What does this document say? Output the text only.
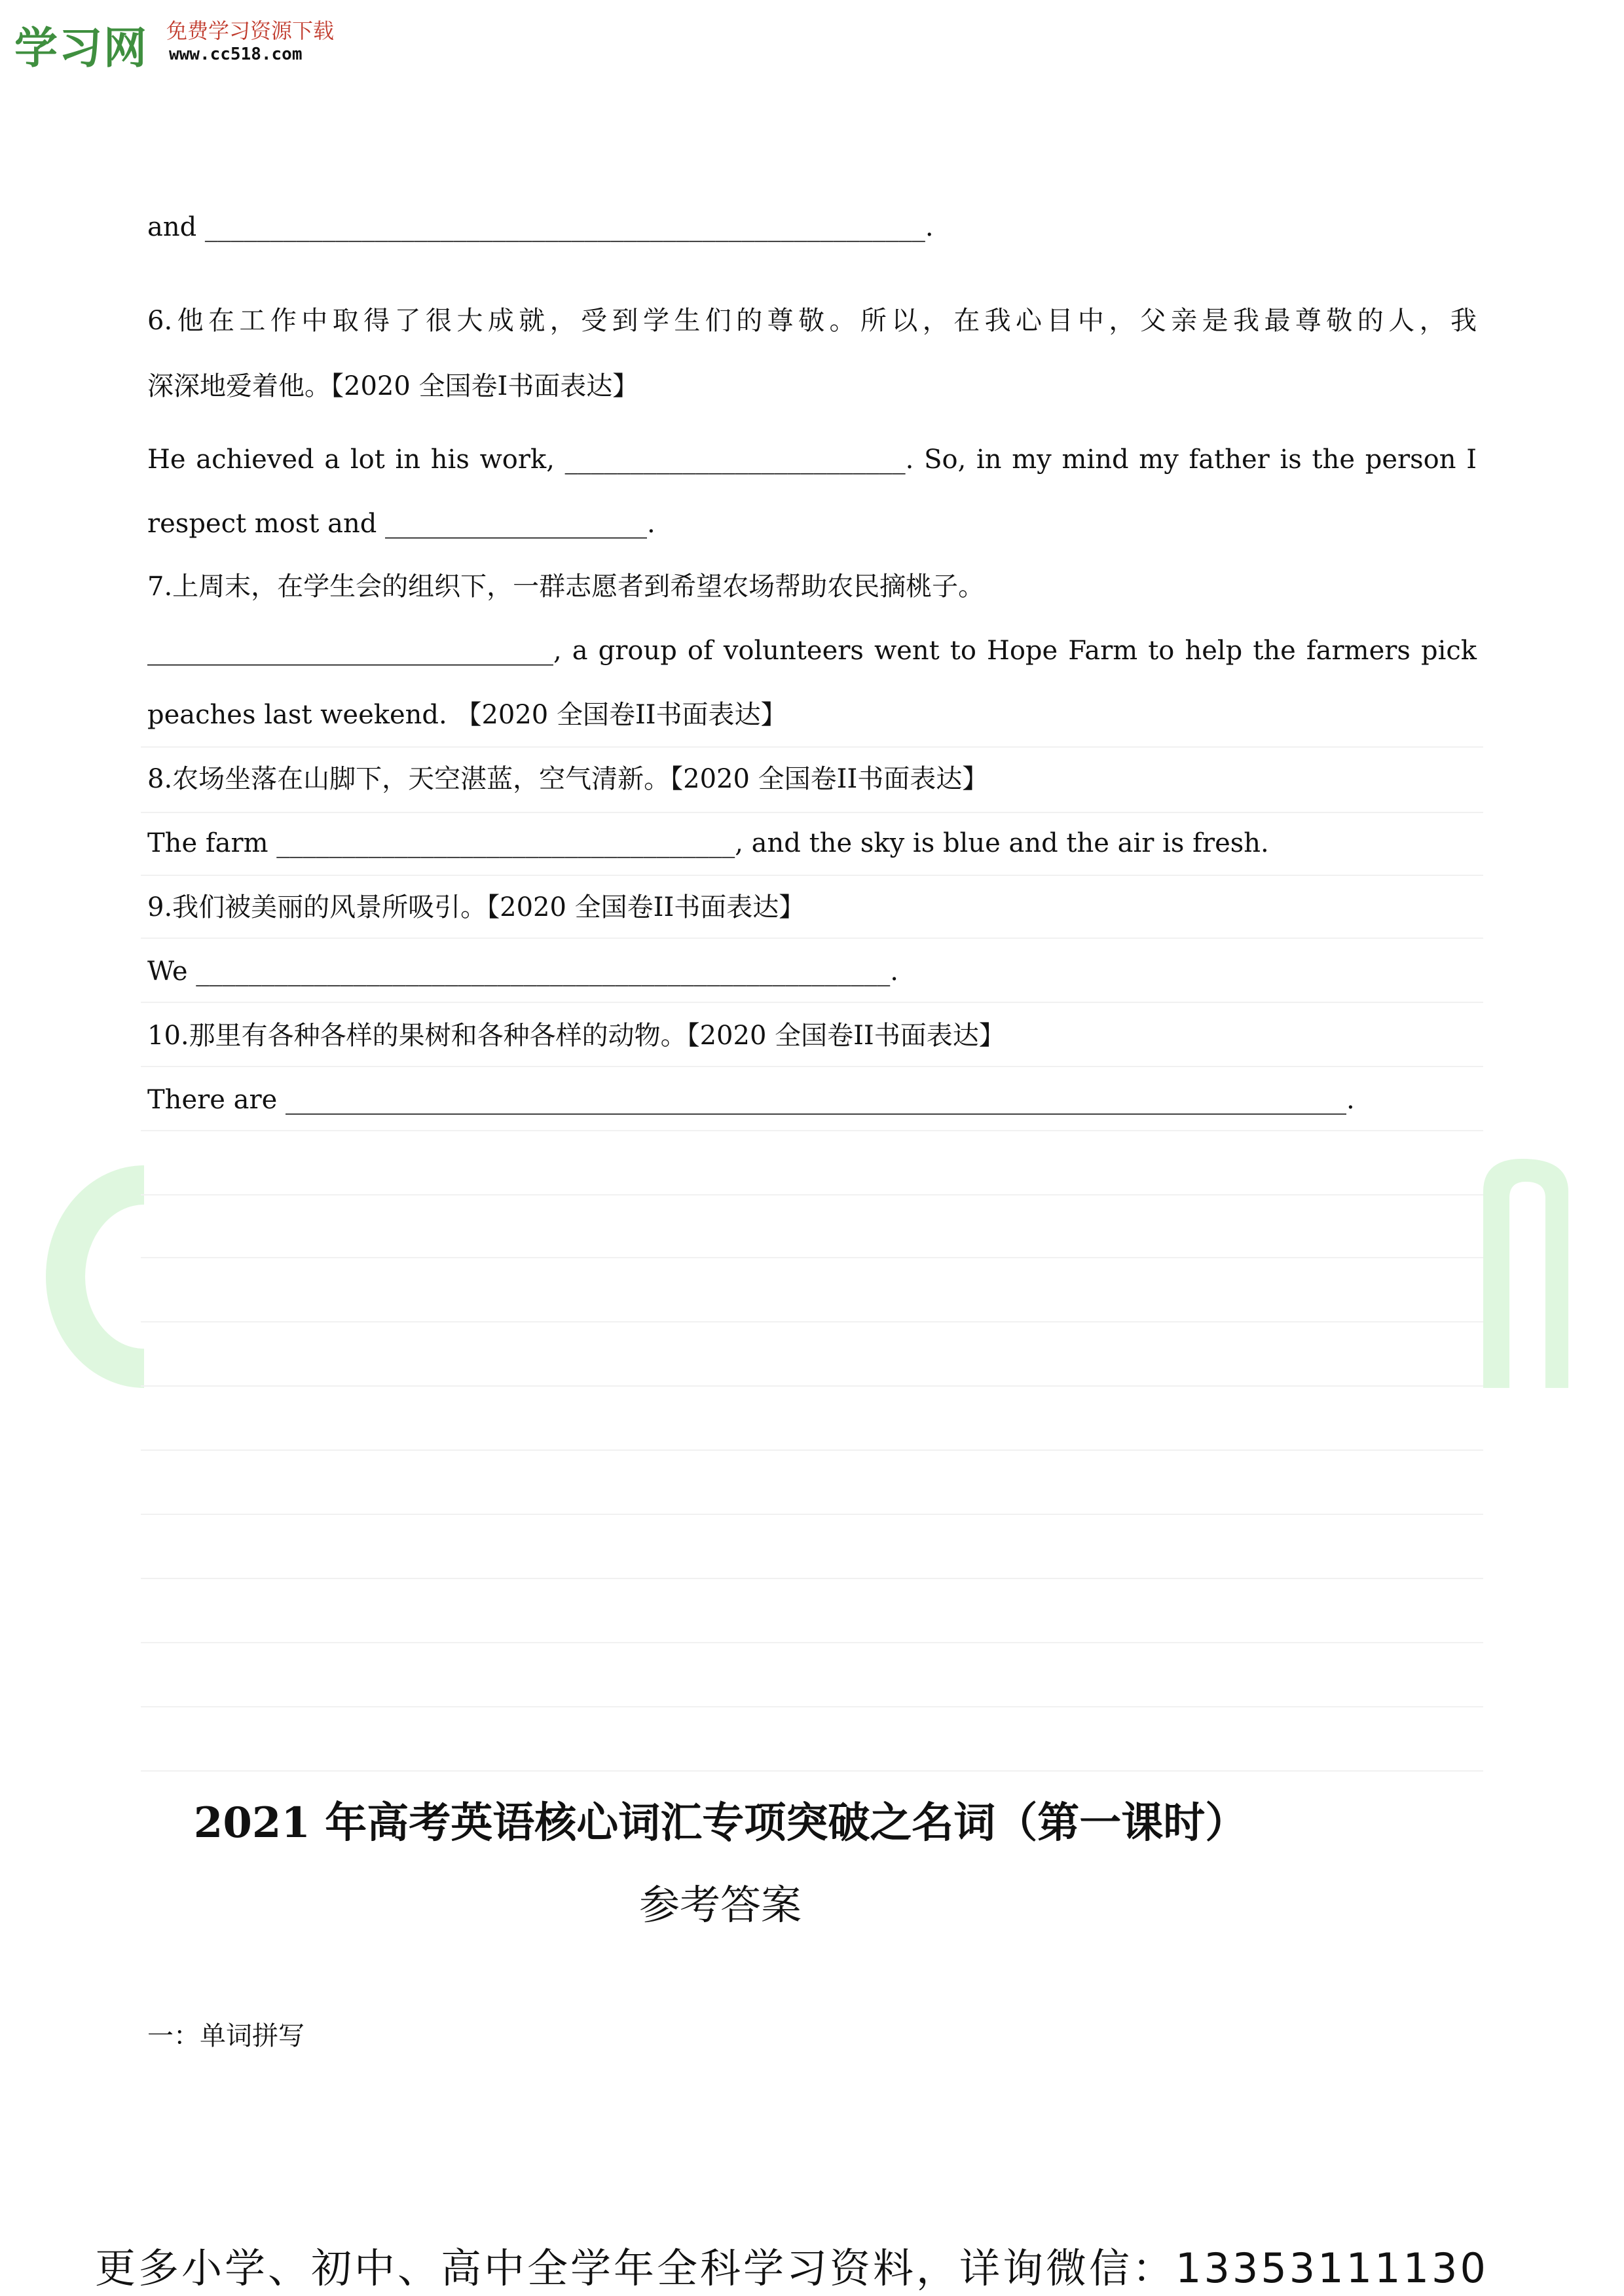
学习网 免费学习资源下载
www.cc518.com
and _______________________________________________________.
6.他在工作中取得了很大成就，受到学生们的尊敬。所以，在我心目中，父亲是我最尊敬的人，我
深深地爱着他。【2020 全国卷I书面表达】
He achieved a lot in his work, __________________________. So, in my mind my father is the person I
respect most and ____________________.
7.上周末，在学生会的组织下，一群志愿者到希望农场帮助农民摘桃子。
_______________________________, a group of volunteers went to Hope Farm to help the farmers pick
peaches last weekend. 【2020 全国卷II书面表达】
8.农场坐落在山脚下，天空湛蓝，空气清新。【2020 全国卷II书面表达】
The farm ___________________________________, and the sky is blue and the air is fresh.
9.我们被美丽的风景所吸引。【2020 全国卷II书面表达】
We _____________________________________________________.
10.那里有各种各样的果树和各种各样的动物。【2020 全国卷II书面表达】
There are _________________________________________________________________________________.
2021 年高考英语核心词汇专项突破之名词（第一课时）
参考答案
一：单词拼写
更多小学、初中、高中全学年全科学习资料，详询微信：13353111130
